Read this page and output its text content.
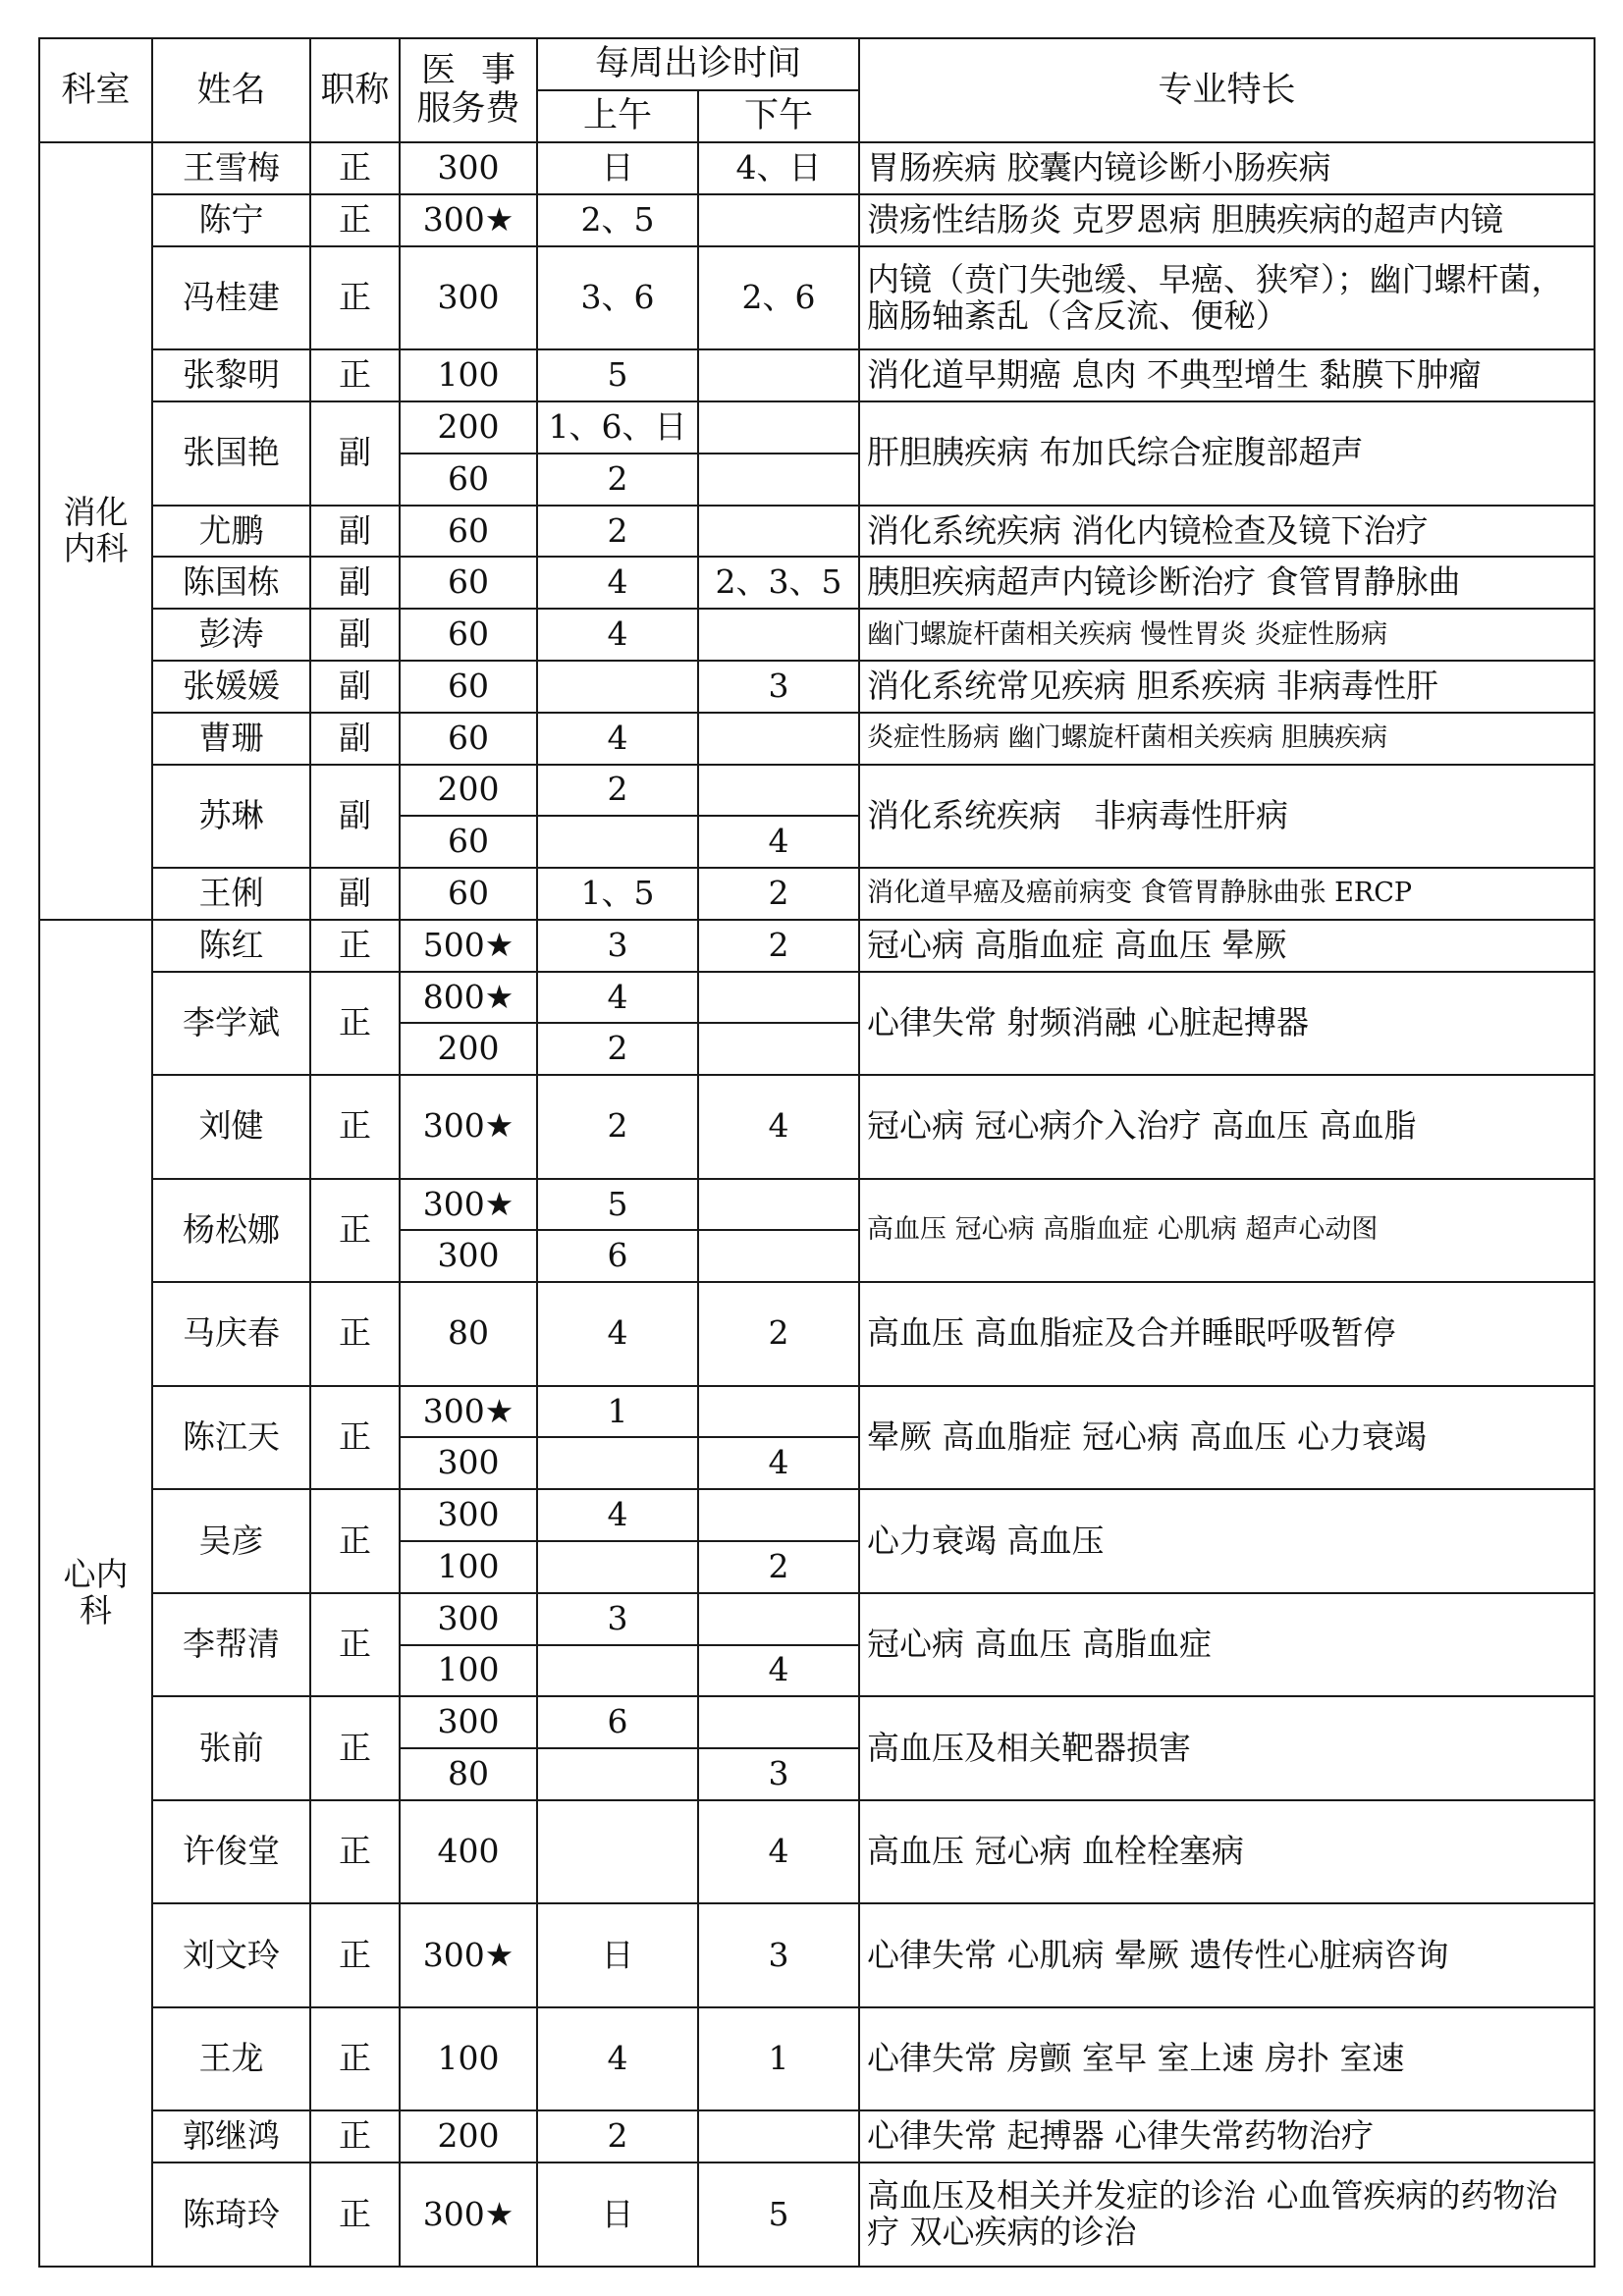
科室	姓名	职称	医 事
服务费	每周出诊时间		专业特长
				上午	下午	
消化
内科	王雪梅	正	300	日	4、日	胃肠疾病 胶囊内镜诊断小肠疾病
	陈宁	正	300★	2、5		溃疡性结肠炎 克罗恩病 胆胰疾病的超声内镜
	冯桂建	正	300	3、6	2、6	内镜（贲门失弛缓、早癌、狭窄）；幽门螺杆菌，脑肠轴紊乱（含反流、便秘）
	张黎明	正	100	5		消化道早期癌 息肉 不典型增生 黏膜下肿瘤
	张国艳	副	200	1、6、日		肝胆胰疾病 布加氏综合症腹部超声
			60	2		
	尤鹏	副	60	2		消化系统疾病 消化内镜检查及镜下治疗
	陈国栋	副	60	4	2、3、5	胰胆疾病超声内镜诊断治疗 食管胃静脉曲
	彭涛	副	60	4		幽门螺旋杆菌相关疾病 慢性胃炎 炎症性肠病
	张媛媛	副	60		3	消化系统常见疾病 胆系疾病 非病毒性肝
	曹珊	副	60	4		炎症性肠病 幽门螺旋杆菌相关疾病 胆胰疾病
	苏琳	副	200	2		消化系统疾病　非病毒性肝病
			60		4	
	王俐	副	60	1、5	2	消化道早癌及癌前病变 食管胃静脉曲张 ERCP
心内
科	陈红	正	500★	3	2	冠心病 高脂血症 高血压 晕厥
	李学斌	正	800★	4		心律失常 射频消融 心脏起搏器
			200	2		
	刘健	正	300★	2	4	冠心病 冠心病介入治疗 高血压 高血脂
	杨松娜	正	300★	5		高血压 冠心病 高脂血症 心肌病 超声心动图
			300	6		
	马庆春	正	80	4	2	高血压 高血脂症及合并睡眠呼吸暂停
	陈江天	正	300★	1		晕厥 高血脂症 冠心病 高血压 心力衰竭
			300		4	
	吴彦	正	300	4		心力衰竭 高血压
			100		2	
	李帮清	正	300	3		冠心病 高血压 高脂血症
			100		4	
	张前	正	300	6		高血压及相关靶器损害
			80		3	
	许俊堂	正	400		4	高血压 冠心病 血栓栓塞病
	刘文玲	正	300★	日	3	心律失常 心肌病 晕厥 遗传性心脏病咨询
	王龙	正	100	4	1	心律失常 房颤 室早 室上速 房扑 室速
	郭继鸿	正	200	2		心律失常 起搏器 心律失常药物治疗
	陈琦玲	正	300★	日	5	高血压及相关并发症的诊治 心血管疾病的药物治疗 双心疾病的诊治
